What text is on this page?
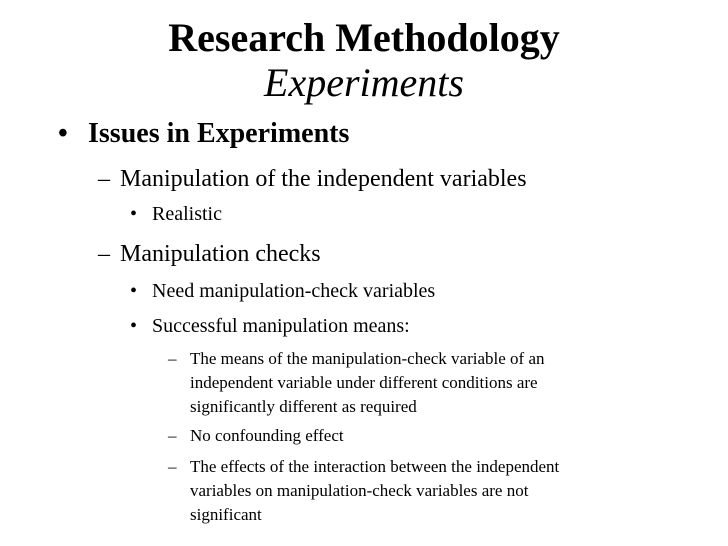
Research Methodology
Experiments
• Issues in Experiments
– Manipulation of the independent variables
• Realistic
– Manipulation checks
• Need manipulation-check variables
• Successful manipulation means:
– The means of the manipulation-check variable of an
independent variable under different conditions are
significantly different as required
– No confounding effect
– The effects of the interaction between the independent
variables on manipulation-check variables are not
significant
